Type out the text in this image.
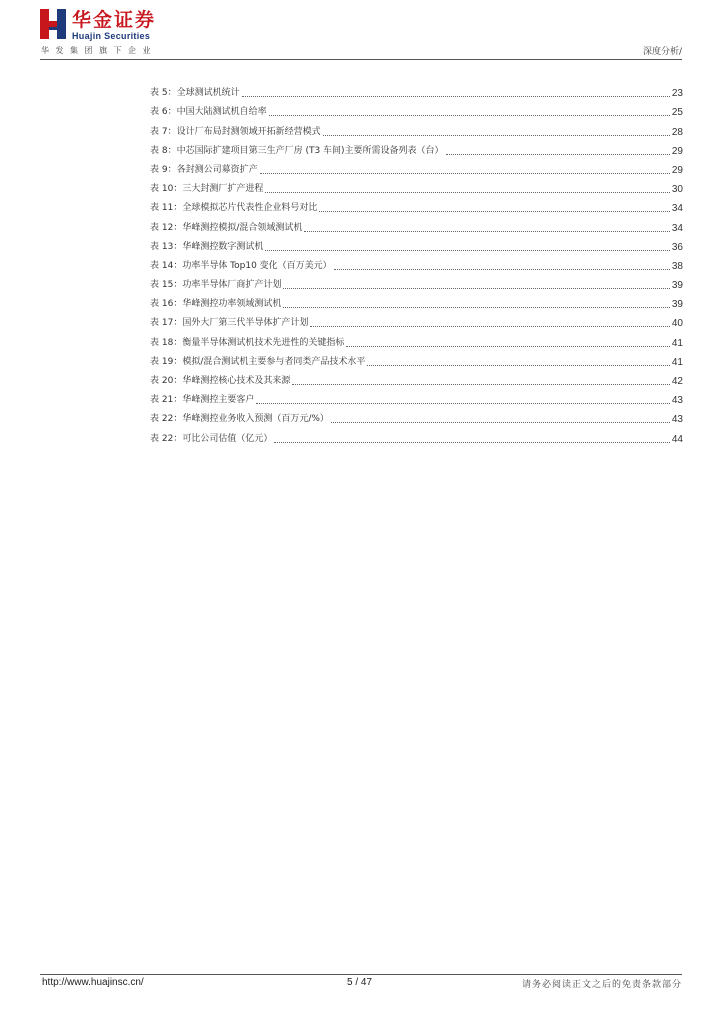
华金证券
Huajin Securities
华发集团旗下企业	深度分析/
表 5：全球测试机统计	23
表 6：中国大陆测试机自给率	25
表 7：设计厂布局封测领域开拓新经营模式	28
表 8：中芯国际扩建项目第三生产厂房 (T3 车间)主要所需设备列表（台）	29
表 9：各封测公司募资扩产	29
表 10：三大封测厂扩产进程	30
表 11：全球模拟芯片代表性企业料号对比	34
表 12：华峰测控模拟/混合领域测试机	34
表 13：华峰测控数字测试机	36
表 14：功率半导体 Top10 变化（百万美元）	38
表 15：功率半导体厂商扩产计划	39
表 16：华峰测控功率领域测试机	39
表 17：国外大厂第三代半导体扩产计划	40
表 18：衡量半导体测试机技术先进性的关键指标	41
表 19：模拟/混合测试机主要参与者同类产品技术水平	41
表 20：华峰测控核心技术及其来源	42
表 21：华峰测控主要客户	43
表 22：华峰测控业务收入预测（百万元/%）	43
表 22：可比公司估值（亿元）	44
http://www.huajinsc.cn/	5 / 47	请务必阅读正文之后的免责条款部分
